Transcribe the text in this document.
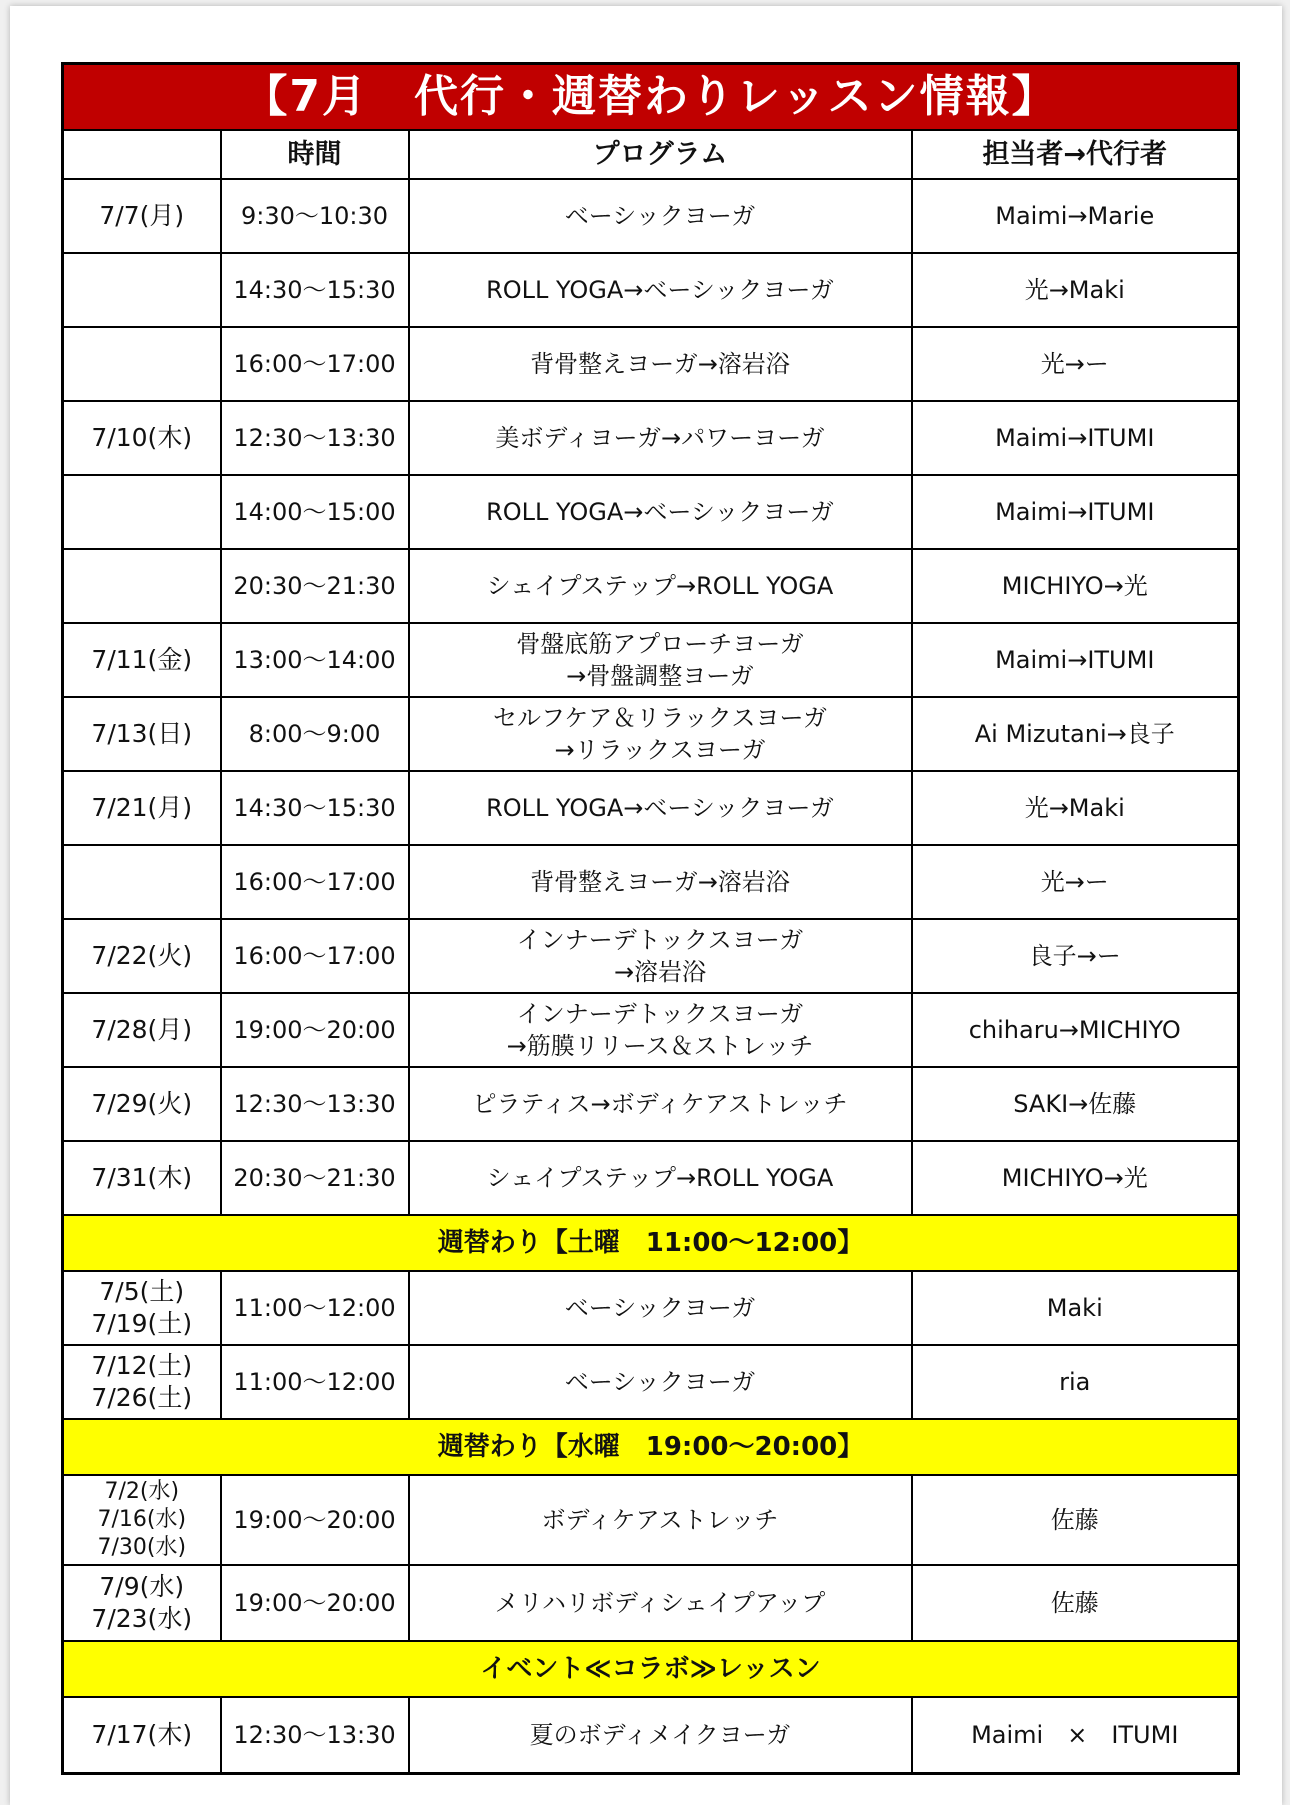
【7月　代行・週替わりレッスン情報】			
	時間	プログラム	担当者→代行者

7/7(月)	9:30〜10:30	ベーシックヨーガ	Maimi→Marie

	14:30〜15:30	ROLL YOGA→ベーシックヨーガ	光→Maki

	16:00〜17:00	背骨整えヨーガ→溶岩浴	光→ー

7/10(木)	12:30〜13:30	美ボディヨーガ→パワーヨーガ	Maimi→ITUMI

	14:00〜15:00	ROLL YOGA→ベーシックヨーガ	Maimi→ITUMI

	20:30〜21:30	シェイプステップ→ROLL YOGA	MICHIYO→光

7/11(金)	13:00〜14:00	骨盤底筋アプローチヨーガ
→骨盤調整ヨーガ	Maimi→ITUMI

7/13(日)	8:00〜9:00	セルフケア＆リラックスヨーガ
→リラックスヨーガ	Ai Mizutani→良子

7/21(月)	14:30〜15:30	ROLL YOGA→ベーシックヨーガ	光→Maki

	16:00〜17:00	背骨整えヨーガ→溶岩浴	光→ー

7/22(火)	16:00〜17:00	インナーデトックスヨーガ
→溶岩浴	良子→ー

7/28(月)	19:00〜20:00	インナーデトックスヨーガ
→筋膜リリース＆ストレッチ	chiharu→MICHIYO

7/29(火)	12:30〜13:30	ピラティス→ボディケアストレッチ	SAKI→佐藤

7/31(木)	20:30〜21:30	シェイプステップ→ROLL YOGA	MICHIYO→光
週替わり【土曜　11:00〜12:00】			

7/5(土)
7/19(土)	11:00〜12:00	ベーシックヨーガ	Maki

7/12(土)
7/26(土)	11:00〜12:00	ベーシックヨーガ	ria
週替わり【水曜　19:00〜20:00】			

7/2(水)
7/16(水)
7/30(水)	19:00〜20:00	ボディケアストレッチ	佐藤

7/9(水)
7/23(水)	19:00〜20:00	メリハリボディシェイプアップ	佐藤
イベント≪コラボ≫レッスン			

7/17(木)	12:30〜13:30	夏のボディメイクヨーガ	Maimi　×　ITUMI
